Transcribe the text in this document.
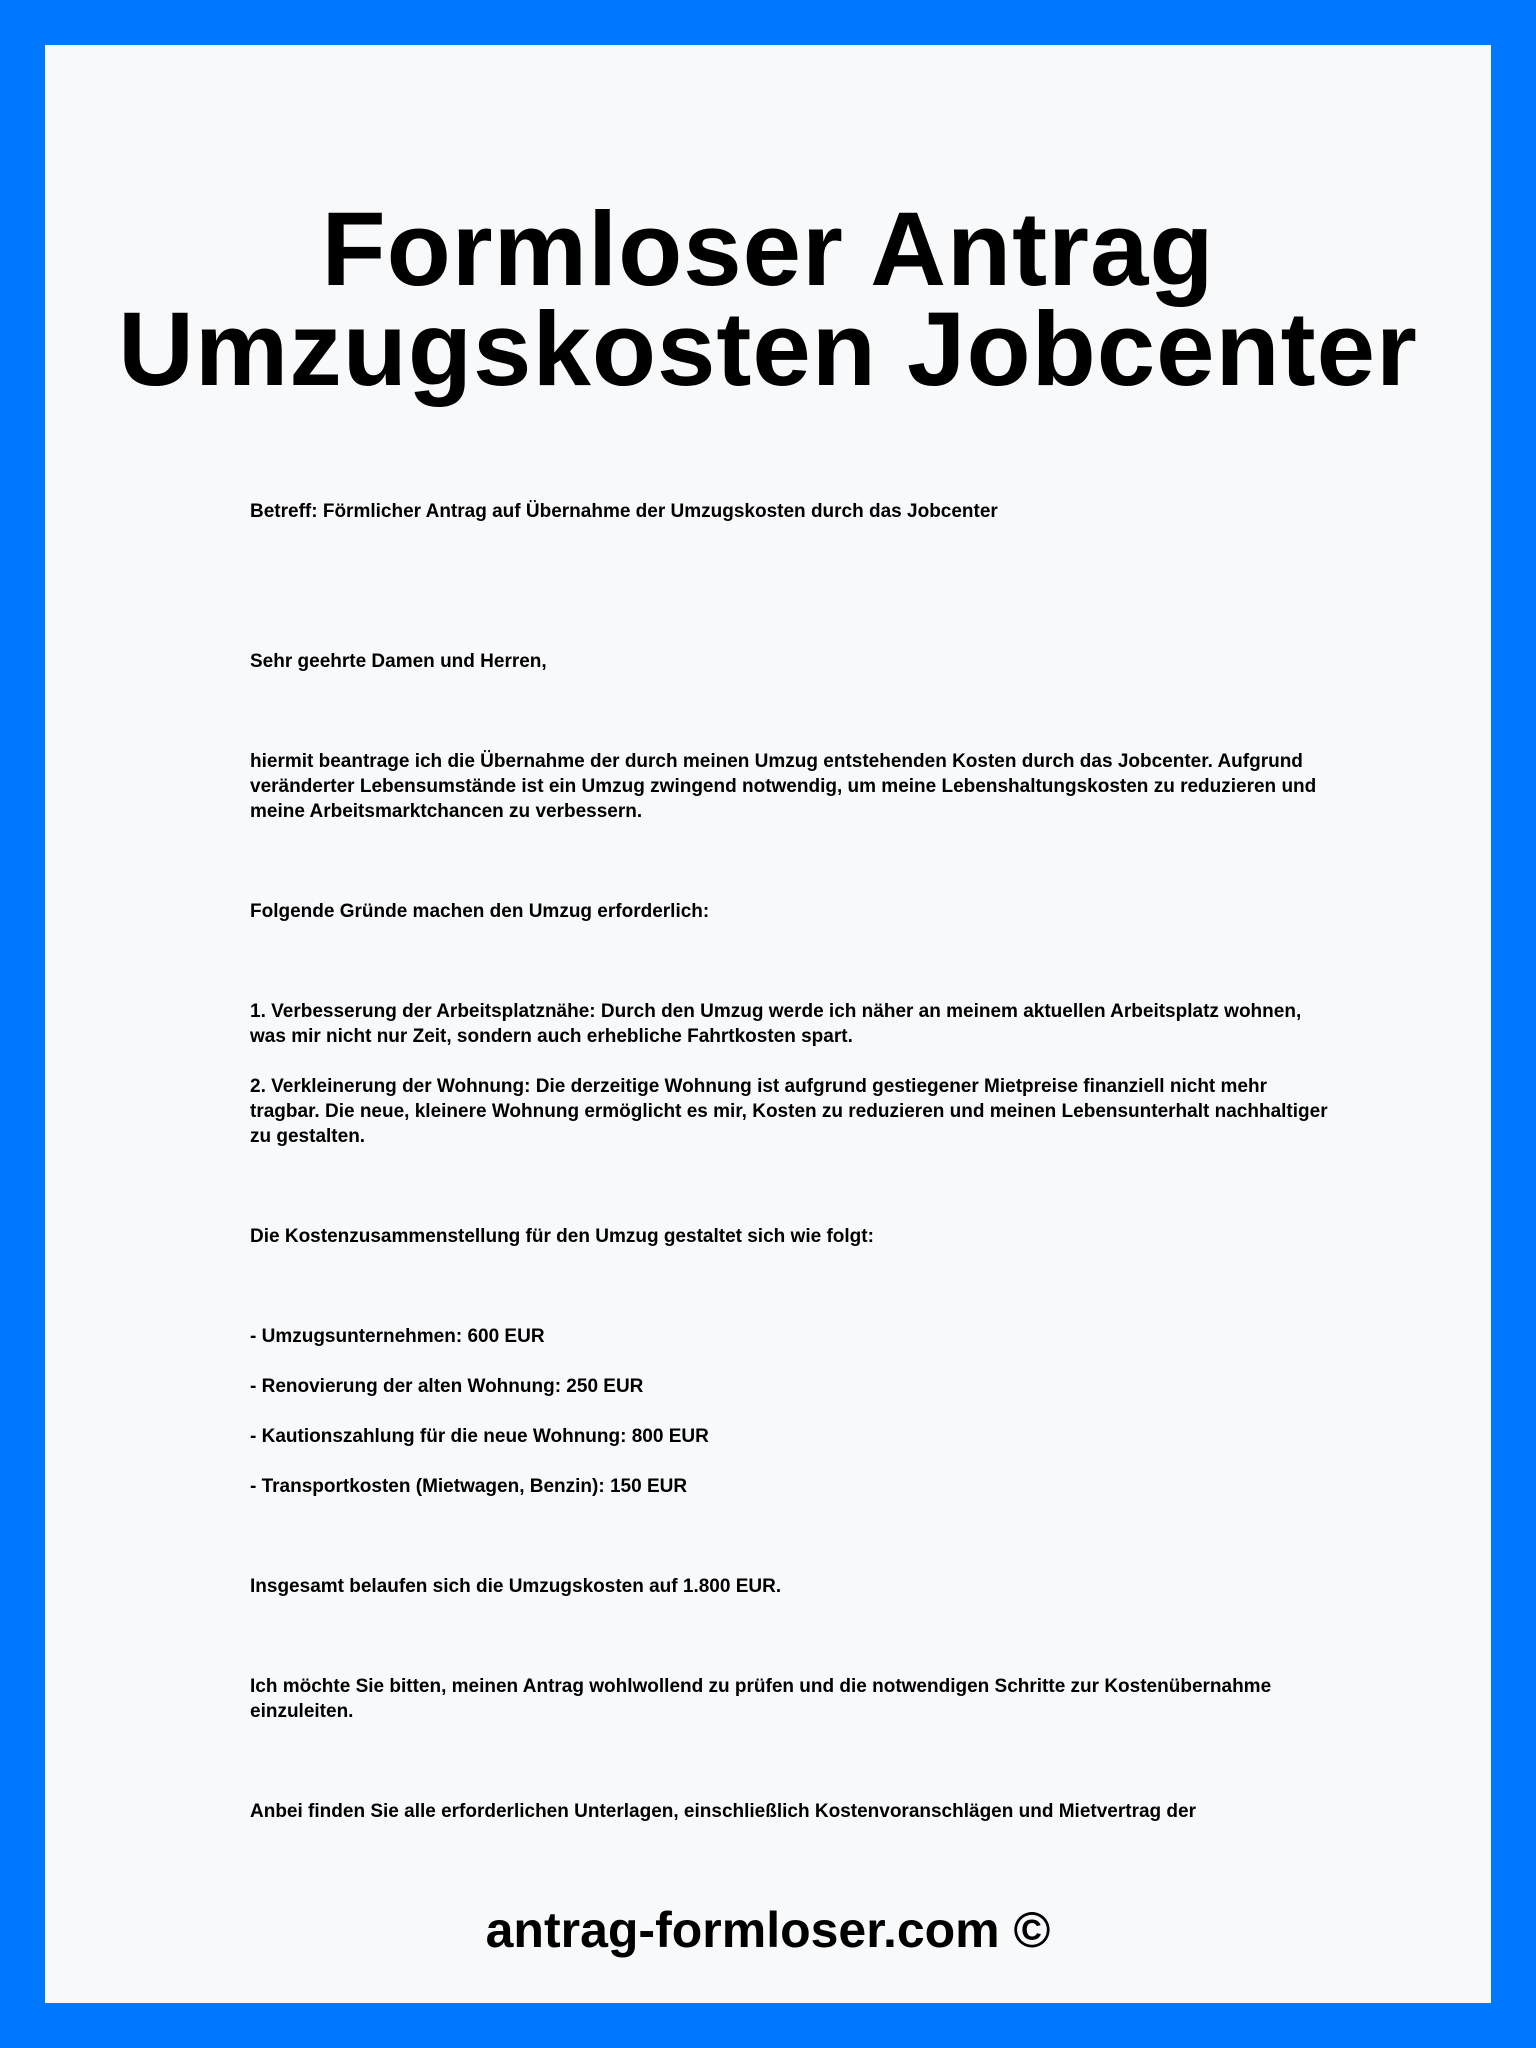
Formloser Antrag
Umzugskosten Jobcenter

Betreff: Förmlicher Antrag auf Übernahme der Umzugskosten durch das Jobcenter

Sehr geehrte Damen und Herren,

hiermit beantrage ich die Übernahme der durch meinen Umzug entstehenden Kosten durch das Jobcenter. Aufgrund veränderter Lebensumstände ist ein Umzug zwingend notwendig, um meine Lebenshaltungskosten zu reduzieren und meine Arbeitsmarktchancen zu verbessern.

Folgende Gründe machen den Umzug erforderlich:

1. Verbesserung der Arbeitsplatznähe: Durch den Umzug werde ich näher an meinem aktuellen Arbeitsplatz wohnen, was mir nicht nur Zeit, sondern auch erhebliche Fahrtkosten spart.

2. Verkleinerung der Wohnung: Die derzeitige Wohnung ist aufgrund gestiegener Mietpreise finanziell nicht mehr tragbar. Die neue, kleinere Wohnung ermöglicht es mir, Kosten zu reduzieren und meinen Lebensunterhalt nachhaltiger zu gestalten.

Die Kostenzusammenstellung für den Umzug gestaltet sich wie folgt:

- Umzugsunternehmen: 600 EUR

- Renovierung der alten Wohnung: 250 EUR

- Kautionszahlung für die neue Wohnung: 800 EUR

- Transportkosten (Mietwagen, Benzin): 150 EUR

Insgesamt belaufen sich die Umzugskosten auf 1.800 EUR.

Ich möchte Sie bitten, meinen Antrag wohlwollend zu prüfen und die notwendigen Schritte zur Kostenübernahme einzuleiten.

Anbei finden Sie alle erforderlichen Unterlagen, einschließlich Kostenvoranschlägen und Mietvertrag der

antrag-formloser.com ©
